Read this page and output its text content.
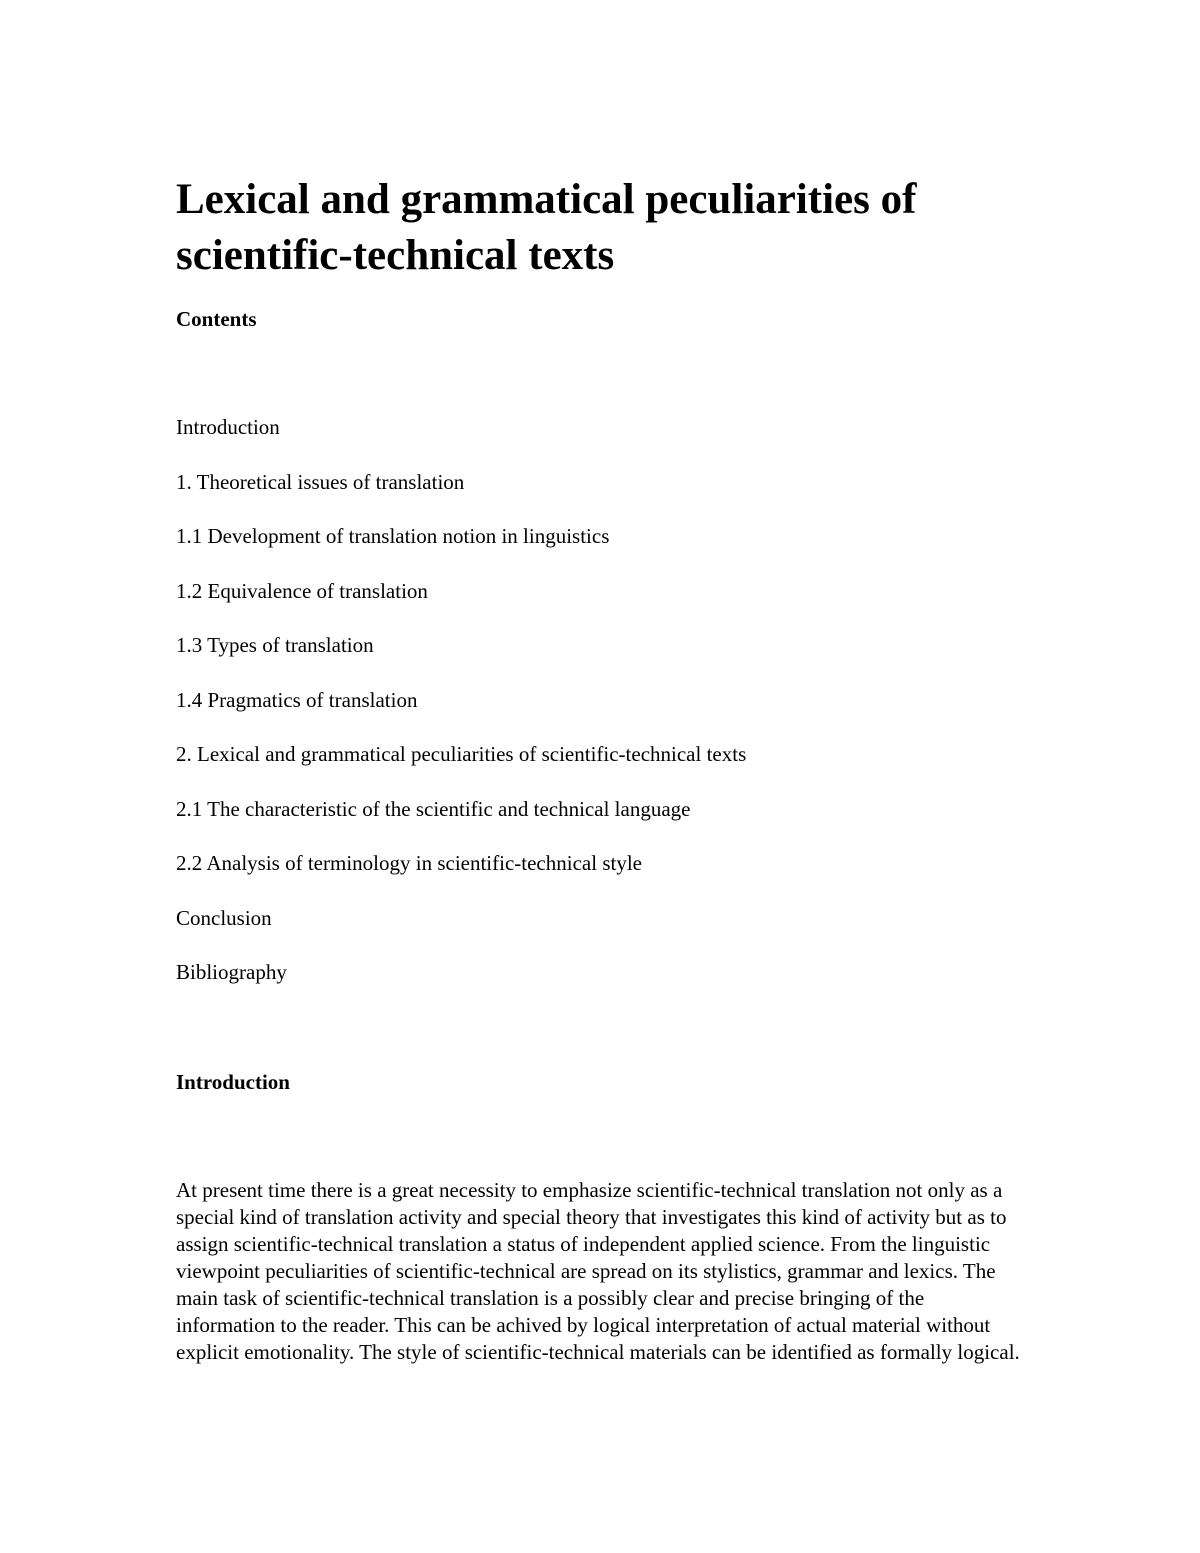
Lexical and grammatical peculiarities of scientific-technical texts
Contents
Introduction
1. Theoretical issues of translation
1.1 Development of translation notion in linguistics
1.2 Equivalence of translation
1.3 Types of translation
1.4 Pragmatics of translation
2. Lexical and grammatical peculiarities of scientific-technical texts
2.1 The characteristic of the scientific and technical language
2.2 Analysis of terminology in scientific-technical style
Conclusion
Bibliography
Introduction

At present time there is a great necessity to emphasize scientific-technical translation not only as a special kind of translation activity and special theory that investigates this kind of activity but as to assign scientific-technical translation a status of independent applied science. From the linguistic viewpoint peculiarities of scientific-technical are spread on its stylistics, grammar and lexics. The main task of scientific-technical translation is a possibly clear and precise bringing of the information to the reader. This can be achived by logical interpretation of actual material without explicit emotionality. The style of scientific-technical materials can be identified as formally logical.
